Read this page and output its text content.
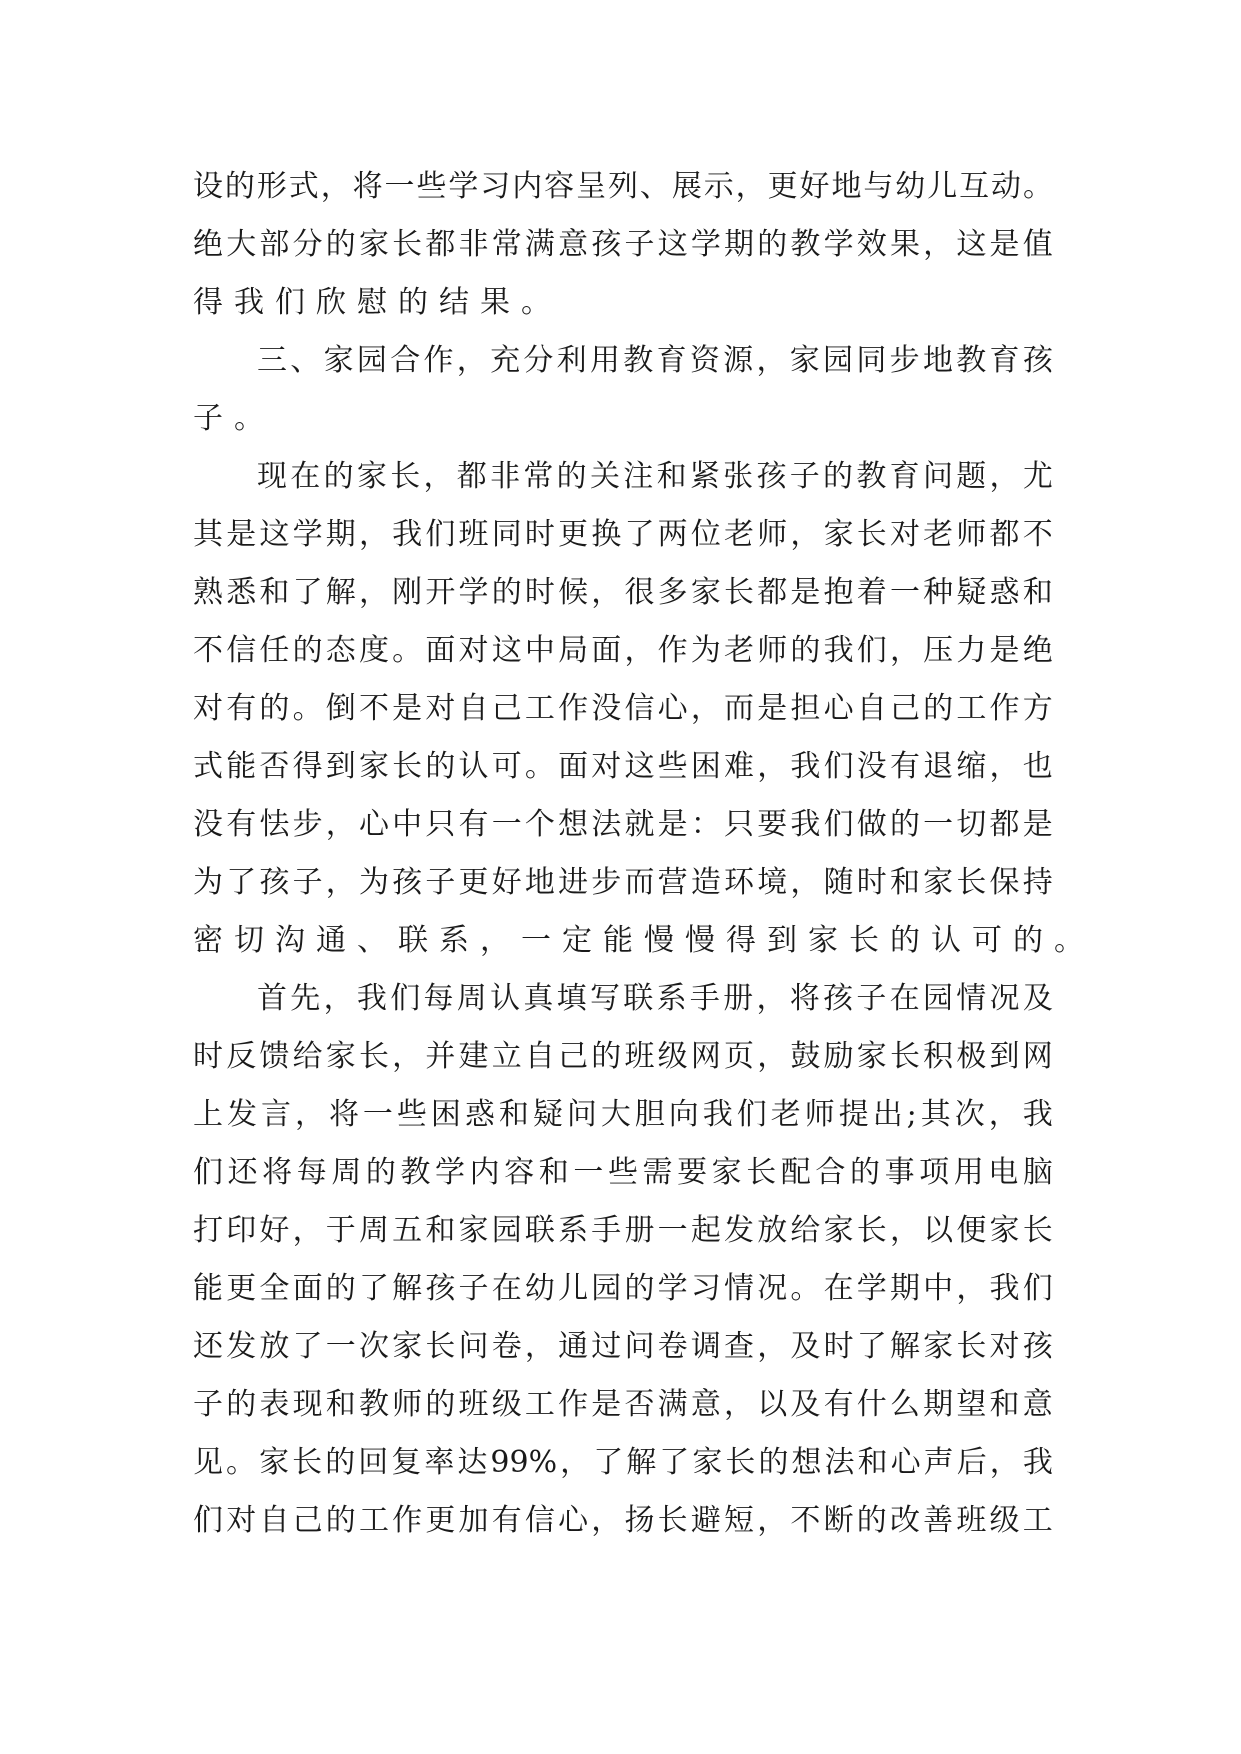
设 的 形 式 ， 将 一 些 学 习 内 容 呈 列 、 展 示 ， 更 好 地 与 幼 儿 互 动 。
绝 大 部 分 的 家 长 都 非 常 满 意 孩 子 这 学 期 的 教 学 效 果 ， 这 是 值
得我们欣慰的结果。
三 、 家 园 合 作 ， 充 分 利 用 教 育 资 源 ， 家 园 同 步 地 教 育 孩
子。
现 在 的 家 长 ， 都 非 常 的 关 注 和 紧 张 孩 子 的 教 育 问 题 ， 尤
其 是 这 学 期 ， 我 们 班 同 时 更 换 了 两 位 老 师 ， 家 长 对 老 师 都 不
熟 悉 和 了 解 ， 刚 开 学 的 时 候 ， 很 多 家 长 都 是 抱 着 一 种 疑 惑 和
不 信 任 的 态 度 。 面 对 这 中 局 面 ， 作 为 老 师 的 我 们 ， 压 力 是 绝
对 有 的 。 倒 不 是 对 自 己 工 作 没 信 心 ， 而 是 担 心 自 己 的 工 作 方
式 能 否 得 到 家 长 的 认 可 。 面 对 这 些 困 难 ， 我 们 没 有 退 缩 ， 也
没 有 怯 步 ， 心 中 只 有 一 个 想 法 就 是 ： 只 要 我 们 做 的 一 切 都 是
为 了 孩 子 ， 为 孩 子 更 好 地 进 步 而 营 造 环 境 ， 随 时 和 家 长 保 持
密切沟通、联系，一定能慢慢得到家长的认可的。
首 先 ， 我 们 每 周 认 真 填 写 联 系 手 册 ， 将 孩 子 在 园 情 况 及
时 反 馈 给 家 长 ， 并 建 立 自 己 的 班 级 网 页 ， 鼓 励 家 长 积 极 到 网
上 发 言 ， 将 一 些 困 惑 和 疑 问 大 胆 向 我 们 老 师 提 出 ; 其 次 ， 我
们 还 将 每 周 的 教 学 内 容 和 一 些 需 要 家 长 配 合 的 事 项 用 电 脑
打 印 好 ， 于 周 五 和 家 园 联 系 手 册 一 起 发 放 给 家 长 ， 以 便 家 长
能 更 全 面 的 了 解 孩 子 在 幼 儿 园 的 学 习 情 况 。 在 学 期 中 ， 我 们
还 发 放 了 一 次 家 长 问 卷 ， 通 过 问 卷 调 查 ， 及 时 了 解 家 长 对 孩
子 的 表 现 和 教 师 的 班 级 工 作 是 否 满 意 ， 以 及 有 什 么 期 望 和 意
见 。 家 长 的 回 复 率 达 99% ， 了 解 了 家 长 的 想 法 和 心 声 后 ， 我
们 对 自 己 的 工 作 更 加 有 信 心 ， 扬 长 避 短 ， 不 断 的 改 善 班 级 工
